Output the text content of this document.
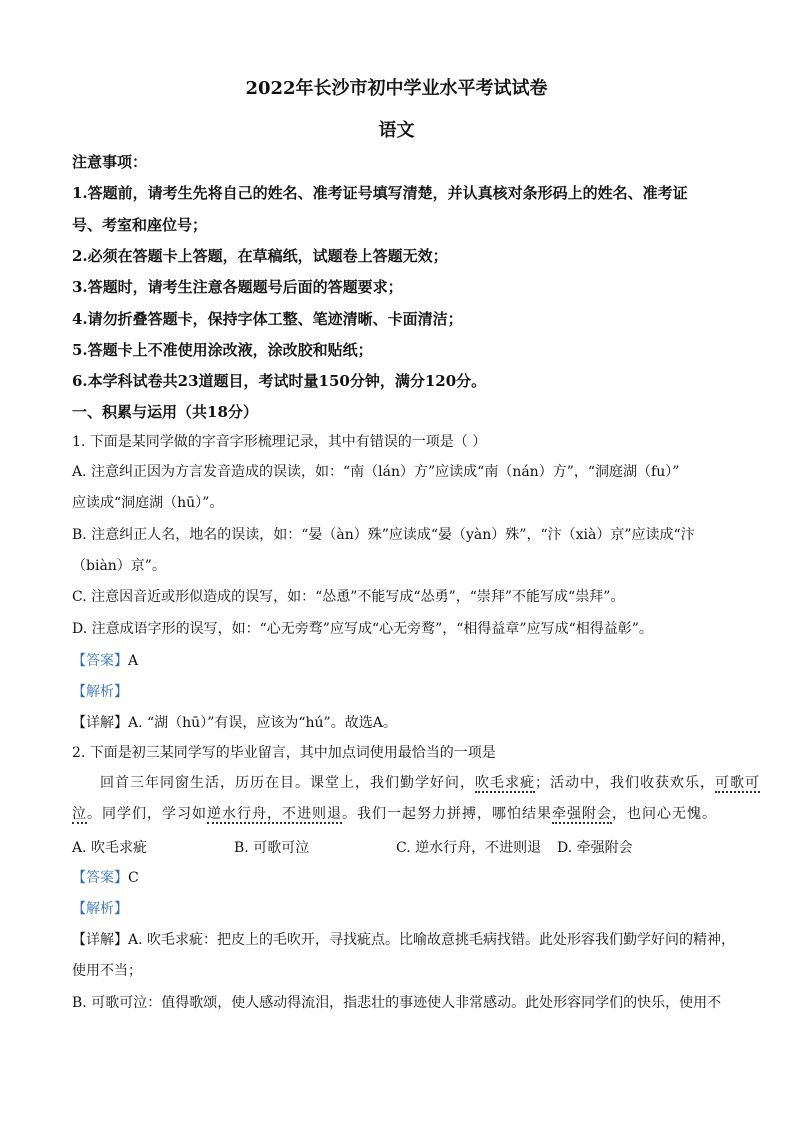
2022年长沙市初中学业水平考试试卷
语文
注意事项：
1.答题前，请考生先将自己的姓名、准考证号填写清楚，并认真核对条形码上的姓名、准考证
号、考室和座位号；
2.必须在答题卡上答题，在草稿纸，试题卷上答题无效；
3.答题时，请考生注意各题题号后面的答题要求；
4.请勿折叠答题卡，保持字体工整、笔迹清晰、卡面清洁；
5.答题卡上不准使用涂改液，涂改胶和贴纸；
6.本学科试卷共23道题目，考试时量150分钟，满分120分。
一、积累与运用（共18分）
1. 下面是某同学做的字音字形梳理记录，其中有错误的一项是（ ）
A. 注意纠正因为方言发音造成的误读，如：“南（lán）方”应读成“南（nán）方”，“洞庭湖（fu）”
应读成“洞庭湖（hū）”。
B. 注意纠正人名，地名的误读，如：“晏（àn）殊”应读成“晏（yàn）殊”，“汴（xià）京”应读成“汴
（biàn）京”。
C. 注意因音近或形似造成的误写，如：“怂恿”不能写成“怂勇”，“崇拜”不能写成“祟拜”。
D. 注意成语字形的误写，如：“心无旁骛”应写成“心无旁鹜”，“相得益章”应写成“相得益彰”。
【答案】A
【解析】
【详解】A. “湖（hū）”有误，应该为“hú”。故选A。
2. 下面是初三某同学写的毕业留言，其中加点词使用最恰当的一项是
回首三年同窗生活，历历在目。课堂上，我们勤学好问，吹毛求疵；活动中，我们收获欢乐，可歌可
泣。同学们，学习如逆水行舟，不进则退。我们一起努力拼搏，哪怕结果牵强附会，也问心无愧。
A. 吹毛求疵	B. 可歌可泣	C. 逆水行舟，不进则退 D. 牵强附会
【答案】C
【解析】
【详解】A. 吹毛求疵：把皮上的毛吹开，寻找疵点。比喻故意挑毛病找错。此处形容我们勤学好问的精神，
使用不当；
B. 可歌可泣：值得歌颂，使人感动得流泪，指悲壮的事迹使人非常感动。此处形容同学们的快乐，使用不
